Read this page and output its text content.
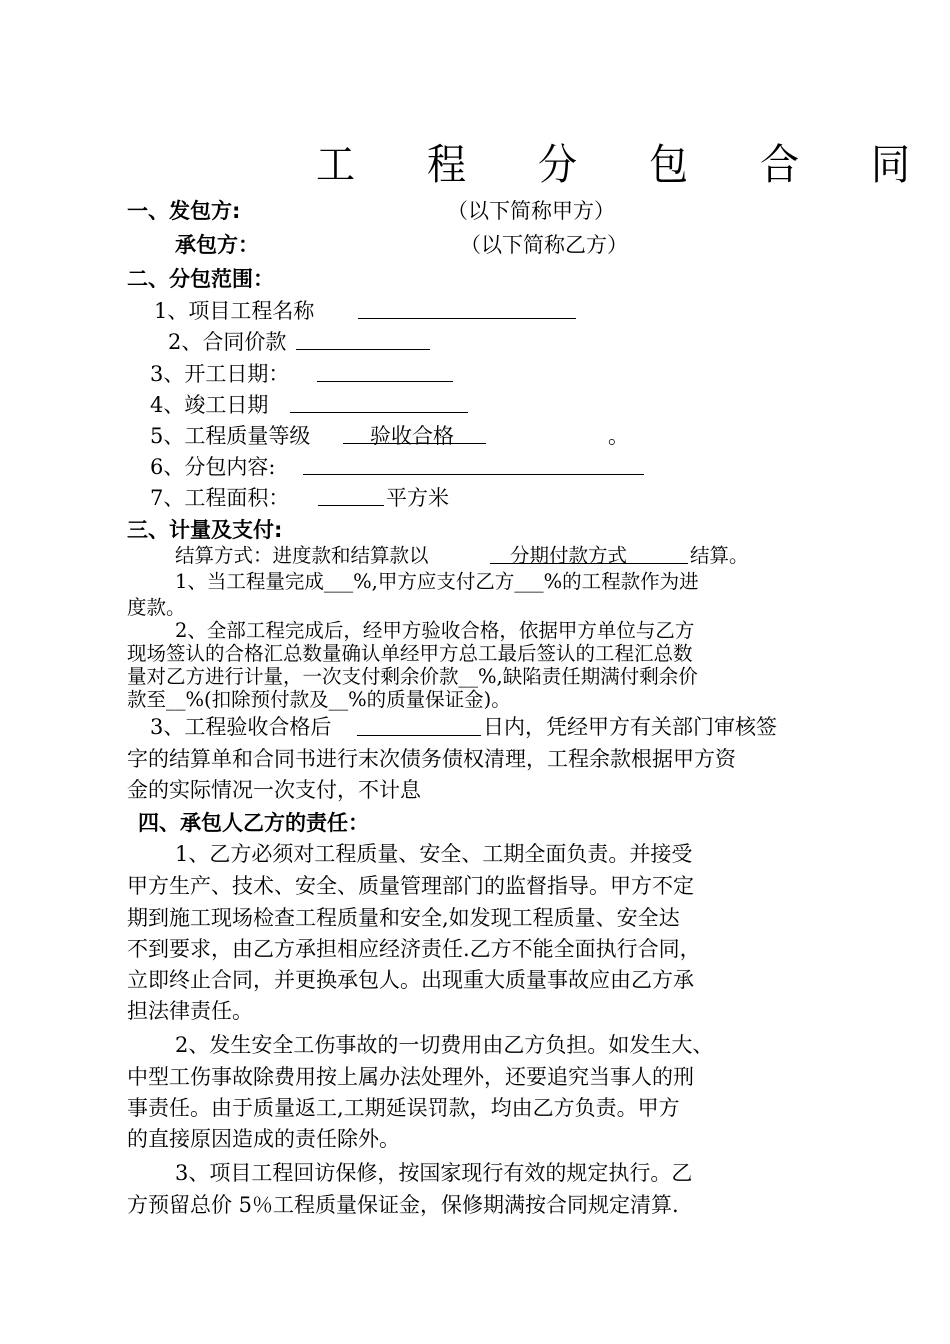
工 程 分 包 合 同
一、发包方:	（以下简称甲方）
承包方：	（以下简称乙方）
二、分包范围：
1、项目工程名称
2、合同价款
3、开工日期：
4、竣工日期
5、工程质量等级	验收合格	。
6、分包内容:
7、工程面积：	平方米
三、计量及支付:
结算方式：进度款和结算款以	分期付款方式	结算。
1、当工程量完成___%,甲方应支付乙方___%的工程款作为进
度款。
2、全部工程完成后，经甲方验收合格，依据甲方单位与乙方
现场签认的合格汇总数量确认单经甲方总工最后签认的工程汇总数
量对乙方进行计量，一次支付剩余价款__%,缺陷责任期满付剩余价
款至__%(扣除预付款及__%的质量保证金)。
3、工程验收合格后	日内，凭经甲方有关部门审核签
字的结算单和合同书进行末次债务债权清理，工程余款根据甲方资
金的实际情况一次支付，不计息
四、承包人乙方的责任：
1、乙方必须对工程质量、安全、工期全面负责。并接受
甲方生产、技术、安全、质量管理部门的监督指导。甲方不定
期到施工现场检查工程质量和安全,如发现工程质量、安全达
不到要求，由乙方承担相应经济责任.乙方不能全面执行合同，
立即终止合同，并更换承包人。出现重大质量事故应由乙方承
担法律责任。
2、发生安全工伤事故的一切费用由乙方负担。如发生大、
中型工伤事故除费用按上属办法处理外，还要追究当事人的刑
事责任。由于质量返工,工期延误罚款，均由乙方负责。甲方
的直接原因造成的责任除外。
3、项目工程回访保修，按国家现行有效的规定执行。乙
方预留总价 5％工程质量保证金，保修期满按合同规定清算.
